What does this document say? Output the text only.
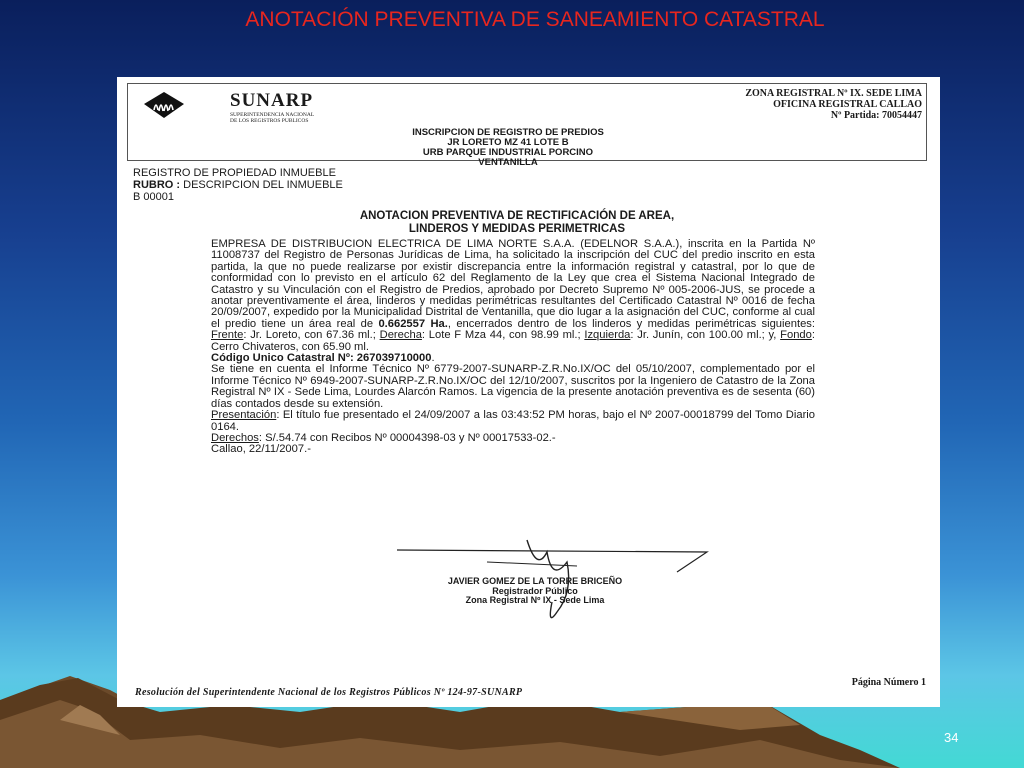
ANOTACIÓN PREVENTIVA DE SANEAMIENTO CATASTRAL
SUNARP
SUPERINTENDENCIA NACIONAL
DE LOS REGISTROS PUBLICOS
ZONA REGISTRAL Nº IX. SEDE LIMA
OFICINA REGISTRAL CALLAO
Nº Partida: 70054447
INSCRIPCION DE REGISTRO DE PREDIOS
JR LORETO MZ 41 LOTE B
URB PARQUE INDUSTRIAL PORCINO
VENTANILLA
REGISTRO DE PROPIEDAD INMUEBLE
RUBRO : DESCRIPCION DEL INMUEBLE
B 00001
ANOTACION PREVENTIVA DE RECTIFICACIÓN DE AREA,
LINDEROS Y MEDIDAS PERIMETRICAS

EMPRESA DE DISTRIBUCION ELECTRICA DE LIMA NORTE S.A.A. (EDELNOR S.A.A.), inscrita en la Partida Nº 11008737 del Registro de Personas Jurídicas de Lima, ha solicitado la inscripción del CUC del predio inscrito en esta partida, la que no puede realizarse por existir discrepancia entre la información registral y catastral, por lo que de conformidad con lo previsto en el artículo 62 del Reglamento de la Ley que crea el Sistema Nacional Integrado de Catastro y su Vinculación con el Registro de Predios, aprobado por Decreto Supremo Nº 005-2006-JUS, se procede a anotar preventivamente el área, linderos y medidas perimétricas resultantes del Certificado Catastral Nº 0016 de fecha 20/09/2007, expedido por la Municipalidad Distrital de Ventanilla, que dio lugar a la asignación del CUC, conforme al cual el predio tiene un área real de 0.662557 Ha., encerrados dentro de los linderos y medidas perimétricas siguientes: Frente: Jr. Loreto, con 67.36 ml.; Derecha: Lote F Mza 44, con 98.99 ml.; Izquierda: Jr. Junín, con 100.00 ml.; y, Fondo: Cerro Chivateros, con 65.90 ml.

Código Unico Catastral Nº: 267039710000.

Se tiene en cuenta el Informe Técnico Nº 6779-2007-SUNARP-Z.R.No.IX/OC del 05/10/2007, complementado por el Informe Técnico Nº 6949-2007-SUNARP-Z.R.No.IX/OC del 12/10/2007, suscritos por la Ingeniero de Catastro de la Zona Registral Nº IX - Sede Lima, Lourdes Alarcón Ramos. La vigencia de la presente anotación preventiva es de sesenta (60) días contados desde su extensión.

Presentación: El título fue presentado el 24/09/2007 a las 03:43:52 PM horas, bajo el Nº 2007-00018799 del Tomo Diario 0164.

Derechos: S/.54.74 con Recibos Nº 00004398-03 y Nº 00017533-02.-

Callao, 22/11/2007.-

JAVIER GOMEZ DE LA TORRE BRICEÑO
Registrador Público
Zona Registral Nº IX - Sede Lima
Página Número 1
Resolución del Superintendente Nacional de los Registros Públicos Nº 124-97-SUNARP
34
